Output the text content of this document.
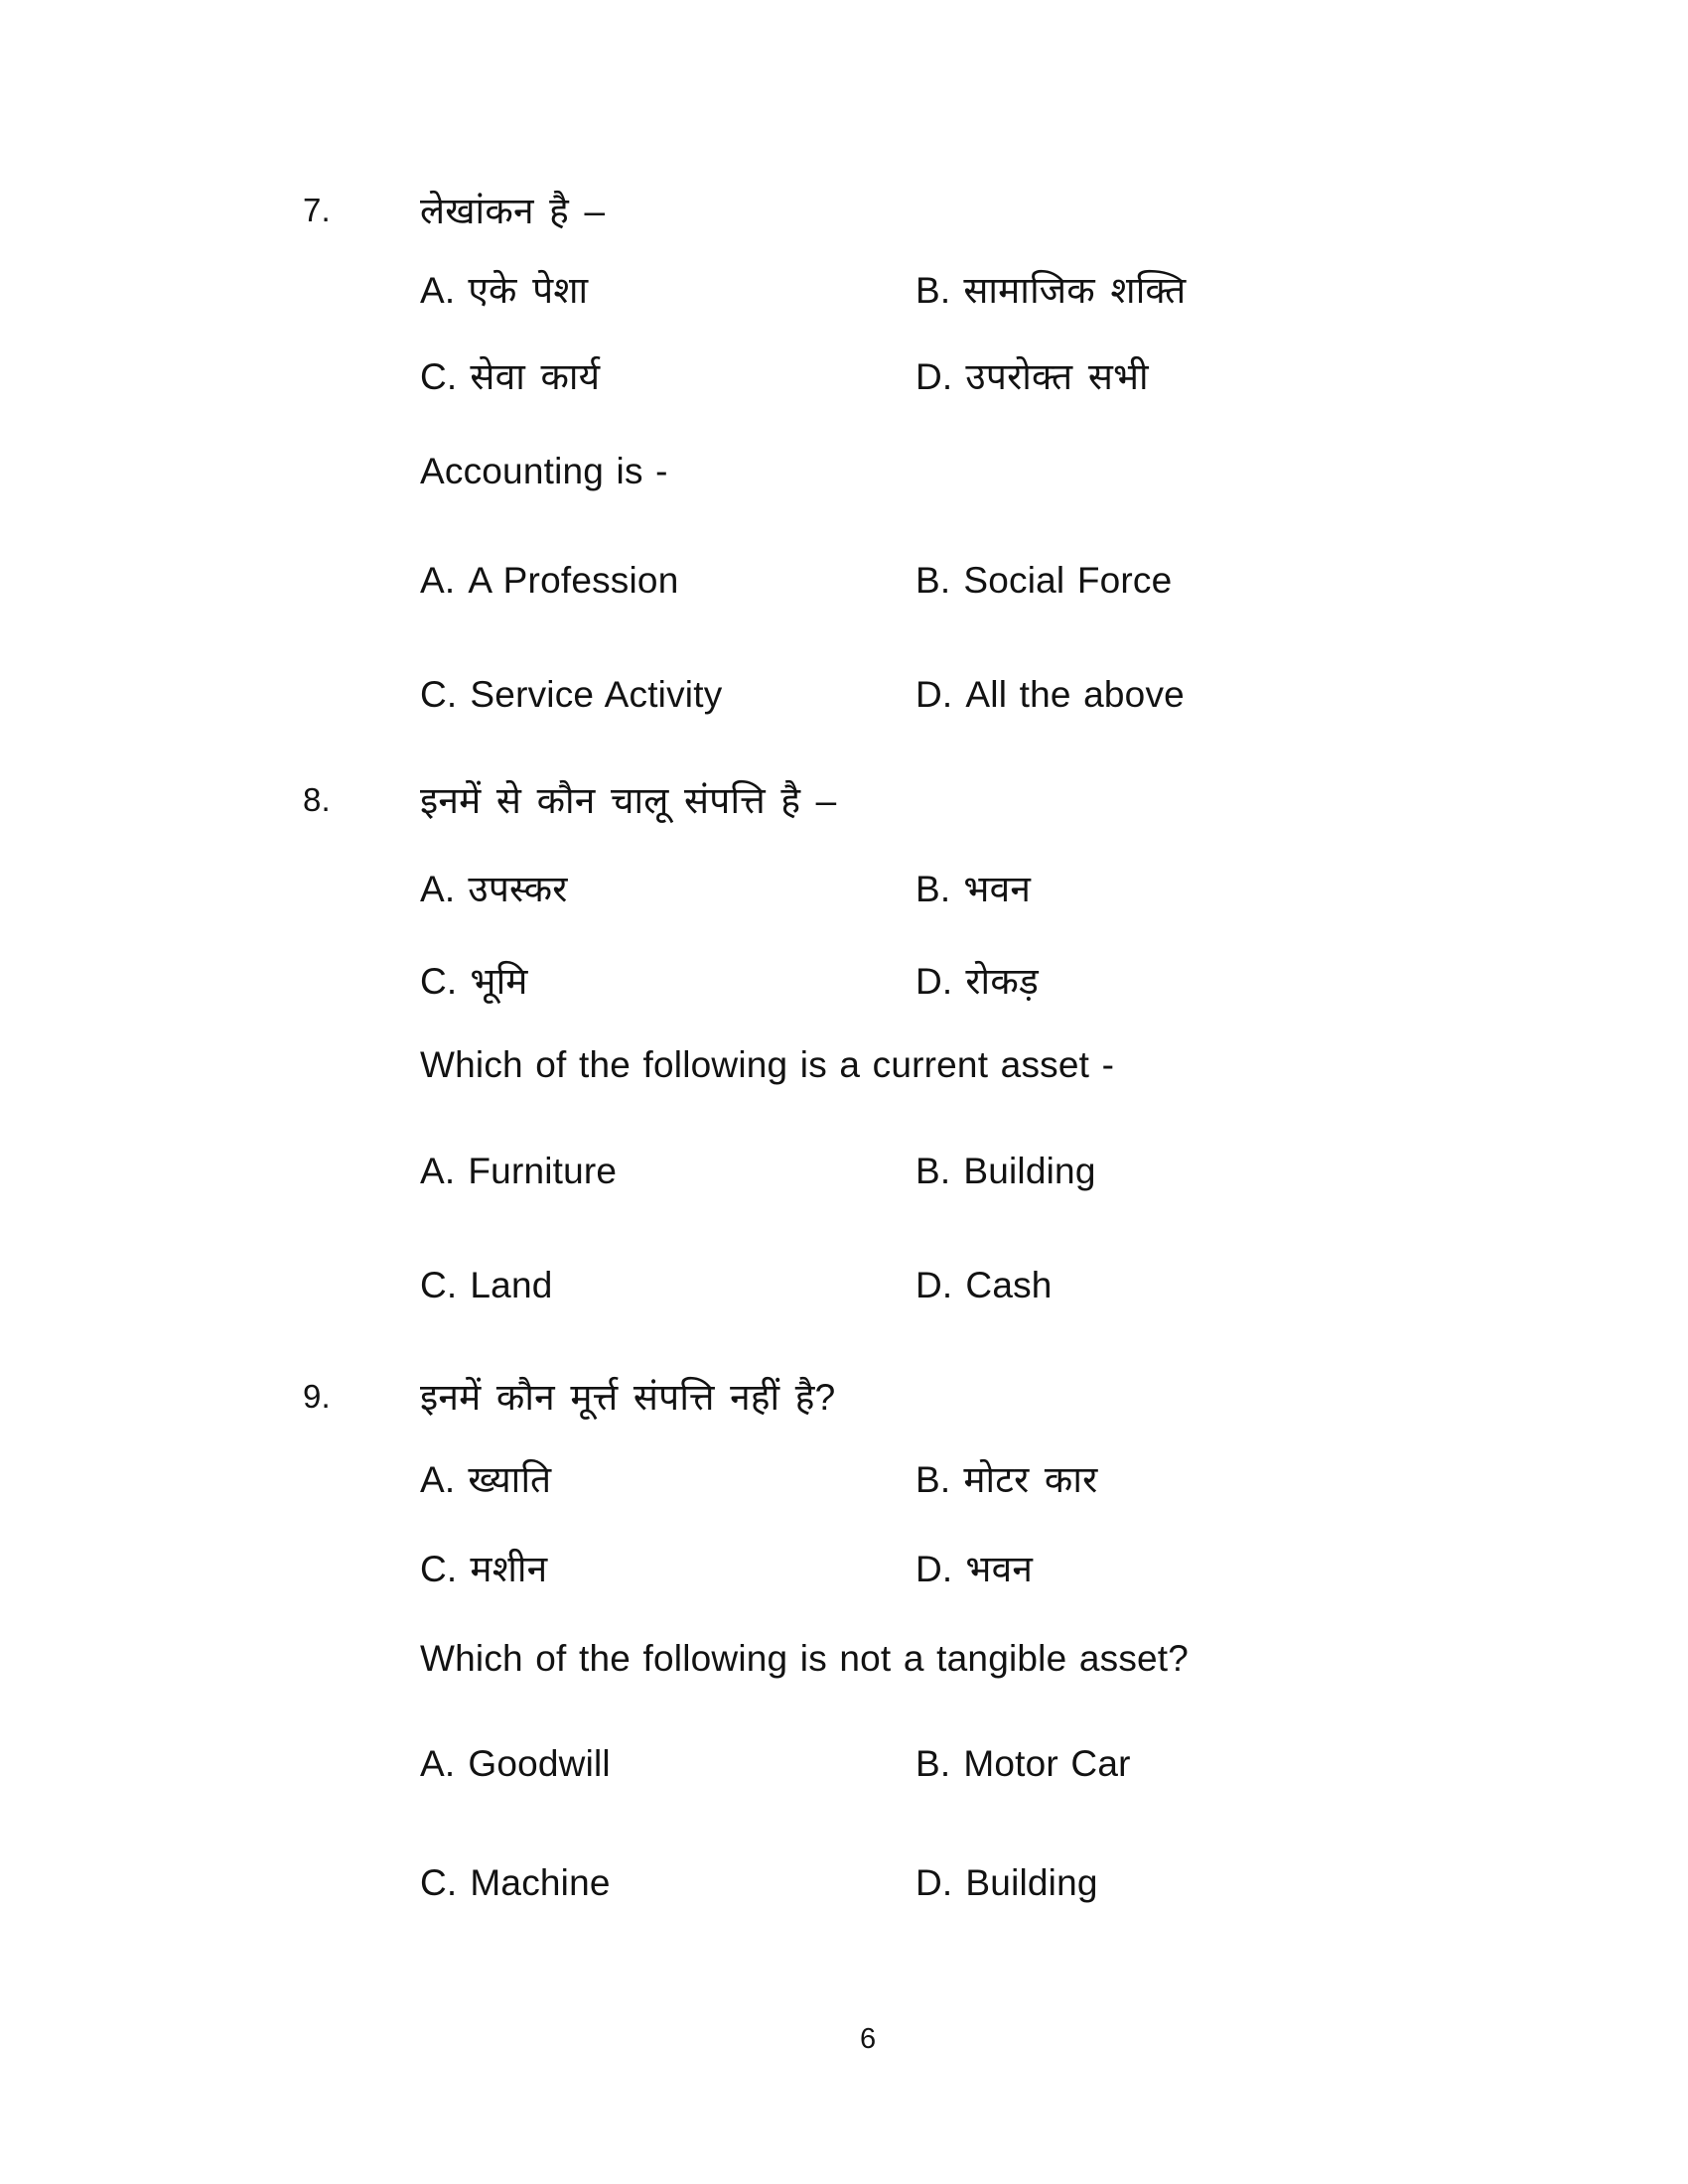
7. लेखांकन है –
A. एके पेशा	B. सामाजिक शक्ति
C. सेवा कार्य	D. उपरोक्त सभी
Accounting is -
A. A Profession	B. Social Force
C. Service Activity	D. All the above
8. इनमें से कौन चालू संपत्ति है –
A. उपस्कर	B. भवन
C. भूमि	D. रोकड़
Which of the following is a current asset -
A. Furniture	B. Building
C. Land	D. Cash
9. इनमें कौन मूर्त्त संपत्ति नहीं है?
A. ख्याति	B. मोटर कार
C. मशीन	D. भवन
Which of the following is not a tangible asset?
A. Goodwill	B. Motor Car
C. Machine	D. Building
6
